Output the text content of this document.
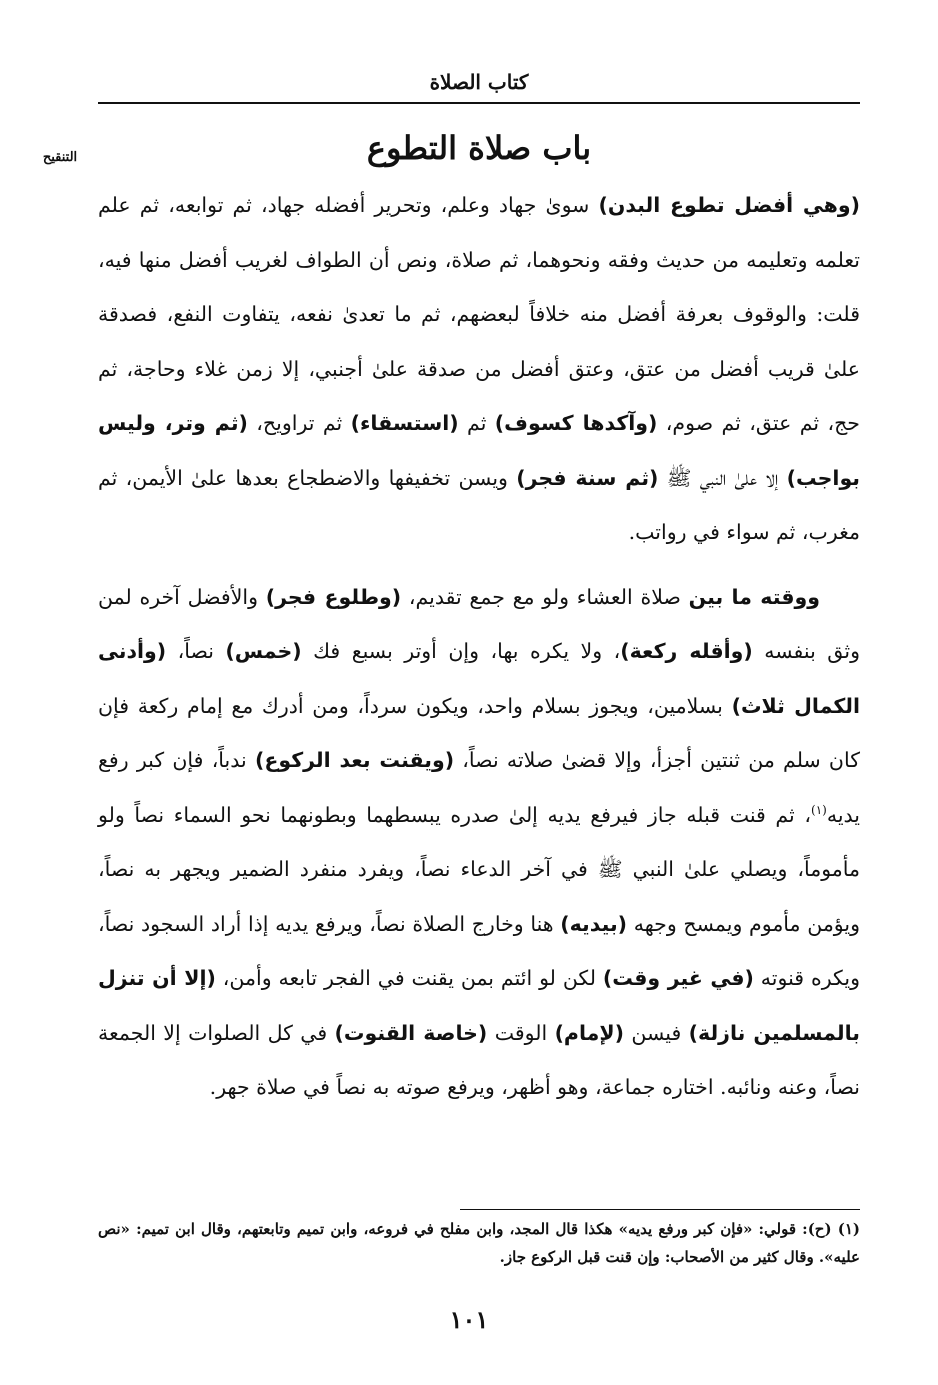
كتاب الصلاة
التنقيح	باب صلاة التطوع

(وهي أفضل تطوع البدن) سوىٰ جهاد وعلم، وتحرير أفضله جهاد، ثم توابعه، ثم علم تعلمه وتعليمه من حديث وفقه ونحوهما، ثم صلاة، ونص أن الطواف لغريب أفضل منها فيه، قلت: والوقوف بعرفة أفضل منه خلافاً لبعضهم، ثم ما تعدىٰ نفعه، يتفاوت النفع، فصدقة علىٰ قريب أفضل من عتق، وعتق أفضل من صدقة علىٰ أجنبي، إلا زمن غلاء وحاجة، ثم حج، ثم عتق، ثم صوم، (وآكدها كسوف) ثم (استسقاء) ثم تراويح، (ثم وتر، وليس بواجب) إلا علىٰ النبي ﷺ (ثم سنة فجر) ويسن تخفيفها والاضطجاع بعدها علىٰ الأيمن، ثم مغرب، ثم سواء في رواتب.

ووقته ما بين صلاة العشاء ولو مع جمع تقديم، (وطلوع فجر) والأفضل آخره لمن وثق بنفسه (وأقله ركعة)، ولا يكره بها، وإن أوتر بسبع فك (خمس) نصاً، (وأدنى الكمال ثلاث) بسلامين، ويجوز بسلام واحد، ويكون سرداً، ومن أدرك مع إمام ركعة فإن كان سلم من ثنتين أجزأ، وإلا قضىٰ صلاته نصاً، (ويقنت بعد الركوع) ندباً، فإن كبر رفع يديه$^{(١)}$، ثم قنت قبله جاز فيرفع يديه إلىٰ صدره يبسطهما وبطونهما نحو السماء نصاً ولو مأموماً، ويصلي علىٰ النبي ﷺ في آخر الدعاء نصاً، ويفرد منفرد الضمير ويجهر به نصاً، ويؤمن مأموم ويمسح وجهه (بيديه) هنا وخارج الصلاة نصاً، ويرفع يديه إذا أراد السجود نصاً، ويكره قنوته (في غير وقت) لكن لو ائتم بمن يقنت في الفجر تابعه وأمن، (إلا أن تنزل بالمسلمين نازلة) فيسن (لإمام) الوقت (خاصة القنوت) في كل الصلوات إلا الجمعة نصاً، وعنه ونائبه. اختاره جماعة، وهو أظهر، ويرفع صوته به نصاً في صلاة جهر.

(١) (ح): قولي: «فإن كبر ورفع يديه» هكذا قال المجد، وابن مفلح في فروعه، وابن تميم وتابعتهم، وقال ابن تميم: «نص عليه». وقال كثير من الأصحاب: وإن قنت قبل الركوع جاز.

١٠١
